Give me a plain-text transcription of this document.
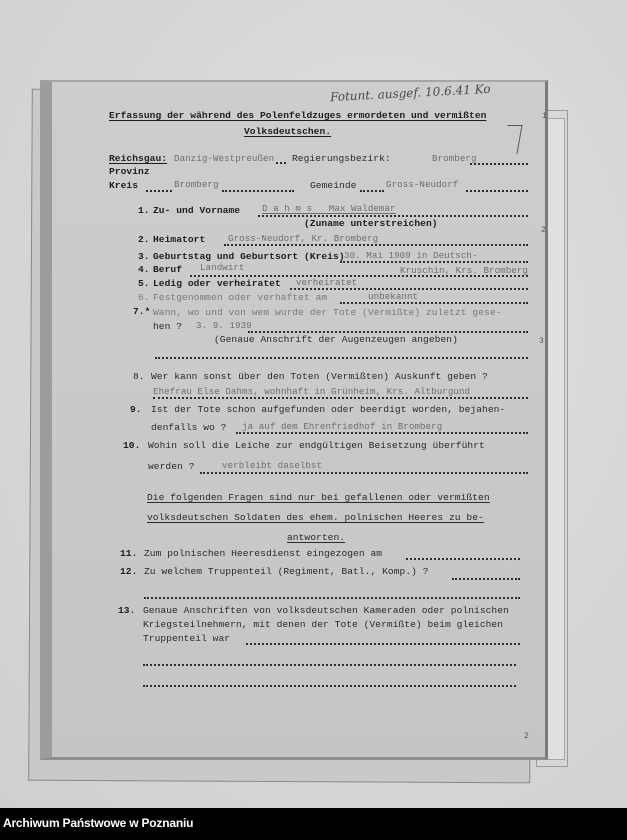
Fotunt. ausgef. 10.6.41 Ko
1
Erfassung der während des Polenfeldzuges ermordeten und vermißten
Volksdeutschen.
Reichsgau: Danzig-Westpreußen Regierungsbezirk:	Bromberg
Provinz
Kreis	Bromberg	Gemeinde	Gross-Neudorf
1. Zu- und Vorname D a h m s   Max Waldemar
(Zuname unterstreichen)
2. Heimatort Gross-Neudorf, Kr. Bromberg
3. Geburtstag und Geburtsort (Kreis) 30. Mai 1909 in Deutsch-
4. Beruf Landwirt	Kruschin, Krs. Bromberg
5. Ledig oder verheiratet verheiratet
6. Festgenommen oder verhaftet am	unbekannt
7.* Wann, wo und von wem wurde der Tote (Vermißte) zuletzt gese-
hen ? 3. 9. 1939
(Genaue Anschrift der Augenzeugen angeben)
8. Wer kann sonst über den Toten (Vermißten) Auskunft geben ?
Ehefrau Else Dahms, wohnhaft in Grünheim, Krs. Altburgund
9. Ist der Tote schon aufgefunden oder beerdigt worden, bejahen-
denfalls wo ? ja auf dem Ehrenfriedhof in Bromberg
10. Wohin soll die Leiche zur endgültigen Beisetzung überführt
werden ?	verbleibt daselbst
Die folgenden Fragen sind nur bei gefallenen oder vermißten
volksdeutschen Soldaten des ehem. polnischen Heeres zu be-
antworten.
11. Zum polnischen Heeresdienst eingezogen am
12. Zu welchem Truppenteil (Regiment, Batl., Komp.) ?
13. Genaue Anschriften von volksdeutschen Kameraden oder polnischen
Kriegsteilnehmern, mit denen der Tote (Vermißte) beim gleichen
Truppenteil war
2
3
2
Archiwum Państwowe w Poznaniu
